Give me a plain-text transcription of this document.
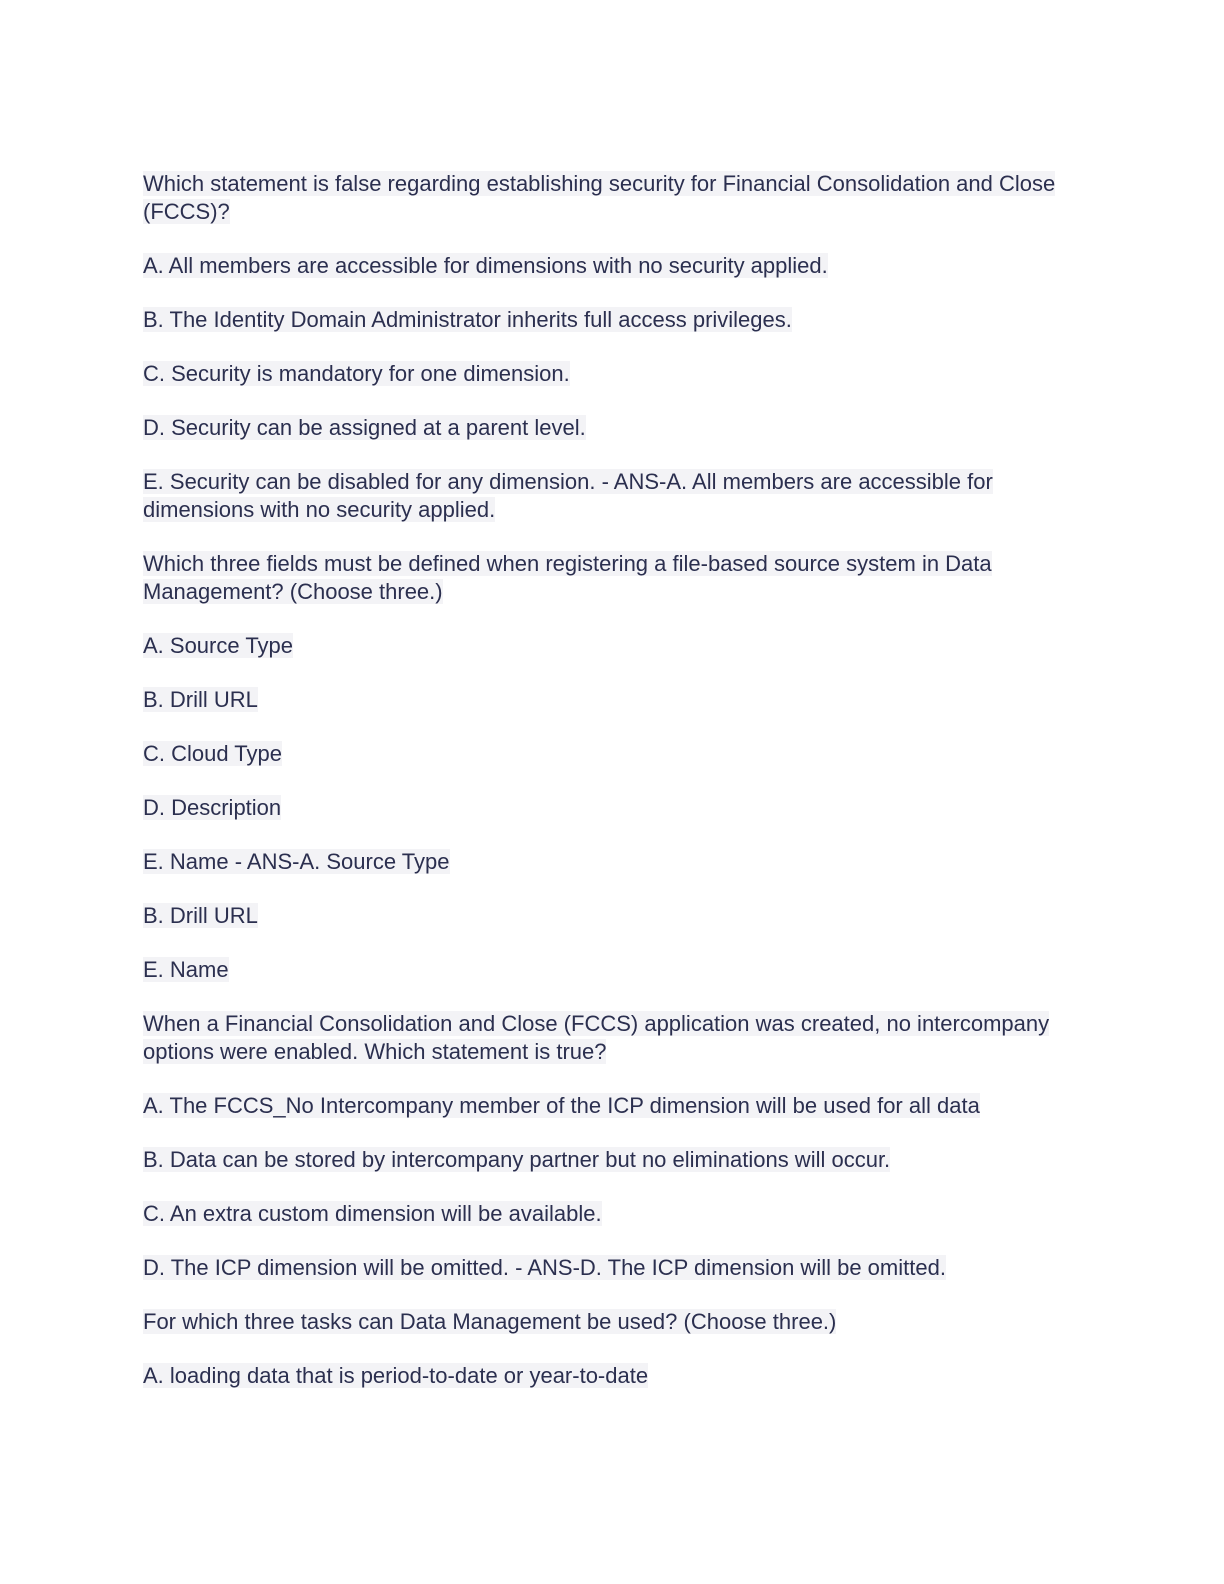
Which statement is false regarding establishing security for Financial Consolidation and Close (FCCS)?

A. All members are accessible for dimensions with no security applied.

B. The Identity Domain Administrator inherits full access privileges.

C. Security is mandatory for one dimension.

D. Security can be assigned at a parent level.

E. Security can be disabled for any dimension. - ANS-A. All members are accessible for dimensions with no security applied.

Which three fields must be defined when registering a file-based source system in Data Management? (Choose three.)

A. Source Type

B. Drill URL

C. Cloud Type

D. Description

E. Name - ANS-A. Source Type

B. Drill URL

E. Name

When a Financial Consolidation and Close (FCCS) application was created, no intercompany options were enabled. Which statement is true?

A. The FCCS_No Intercompany member of the ICP dimension will be used for all data

B. Data can be stored by intercompany partner but no eliminations will occur.

C. An extra custom dimension will be available.

D. The ICP dimension will be omitted. - ANS-D. The ICP dimension will be omitted.

For which three tasks can Data Management be used? (Choose three.)

A. loading data that is period-to-date or year-to-date
